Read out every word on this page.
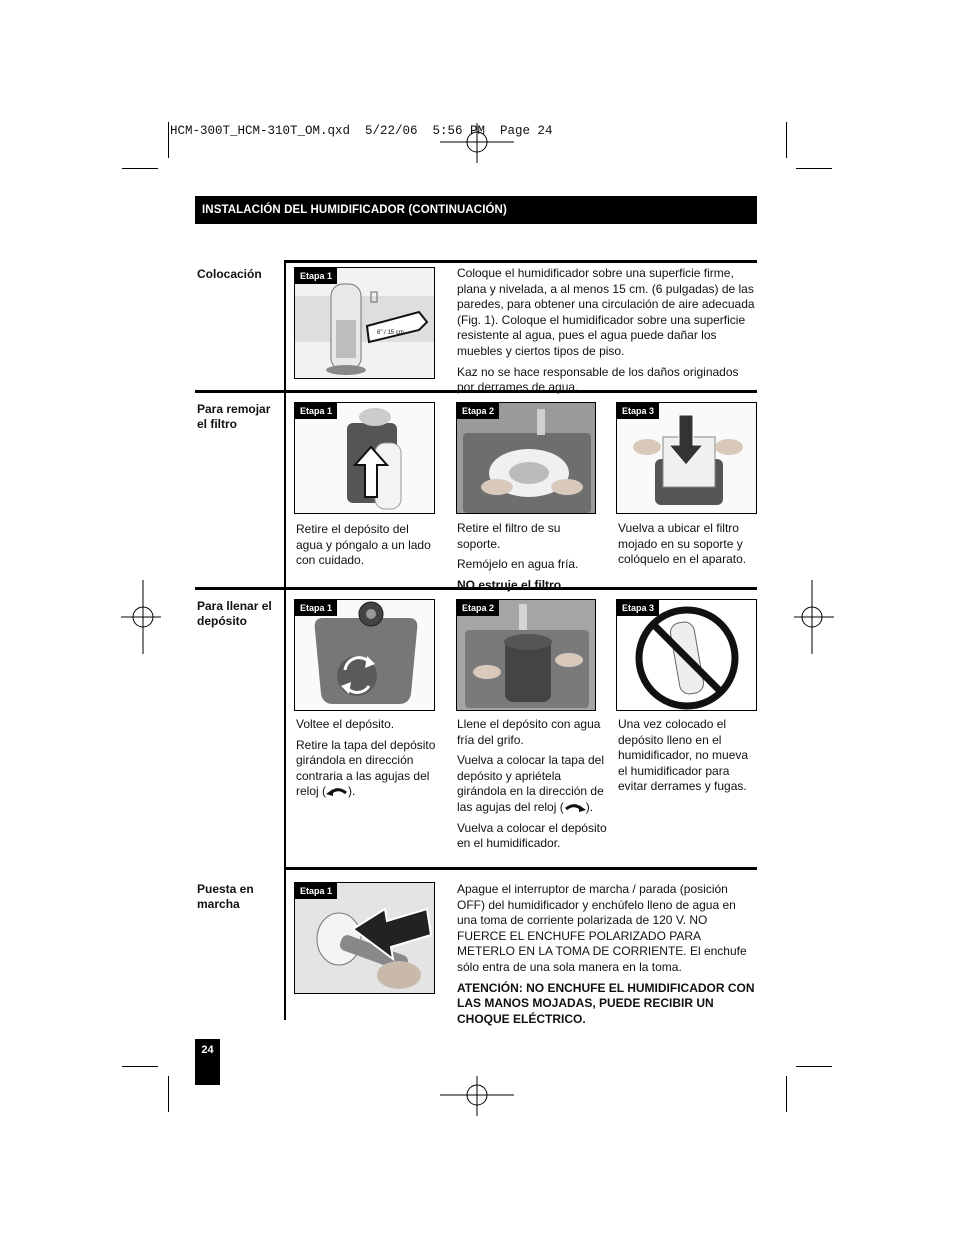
HCM-300T_HCM-310T_OM.qxd  5/22/06  5:56 PM  Page 24
INSTALACIÓN DEL HUMIDIFICADOR (CONTINUACIÓN)
Colocación
6" / 15 cm
Etapa 1	Coloque el humidificador sobre una superficie firme, plana y nivelada, a al menos 15 cm. (6 pulgadas) de las paredes, para obtener una circulación de aire adecuada (Fig. 1). Coloque el humidificador sobre una superficie resistente al agua, pues el agua puede dañar los muebles y ciertos tipos de piso.

Kaz no se hace responsable de los daños originados por derrames de agua.

Para remojar
el filtro
Etapa 1	Etapa 2	Etapa 3

Retire el depósito del agua y póngalo a un lado con cuidado.

Retire el filtro de su soporte.

Remójelo en agua fría.

NO estruje el filtro.

Vuelva a ubicar el filtro mojado en su soporte y colóquelo en el aparato.

Para llenar el
depósito
Etapa 1	Etapa 2	Etapa 3

Voltee el depósito.

Retire la tapa del depósito girándola en dirección contraria a las agujas del reloj ( ).

Llene el depósito con agua fría del grifo.

Vuelva a colocar la tapa del depósito y apriétela girándola en la dirección de las agujas del reloj ( ).

Vuelva a colocar el depósito en el humidificador.

Una vez colocado el depósito lleno en el humidificador, no mueva el humidificador para evitar derrames y fugas.

Puesta en
marcha
Etapa 1	Apague el interruptor de marcha / parada (posición OFF) del humidificador y enchúfelo lleno de agua en una toma de corriente polarizada de 120 V. NO FUERCE EL ENCHUFE POLARIZADO PARA METERLO EN LA TOMA DE CORRIENTE. El enchufe sólo entra de una sola manera en la toma.

ATENCIÓN: NO ENCHUFE EL HUMIDIFICADOR CON LAS MANOS MOJADAS, PUEDE RECIBIR UN CHOQUE ELÉCTRICO.

24
